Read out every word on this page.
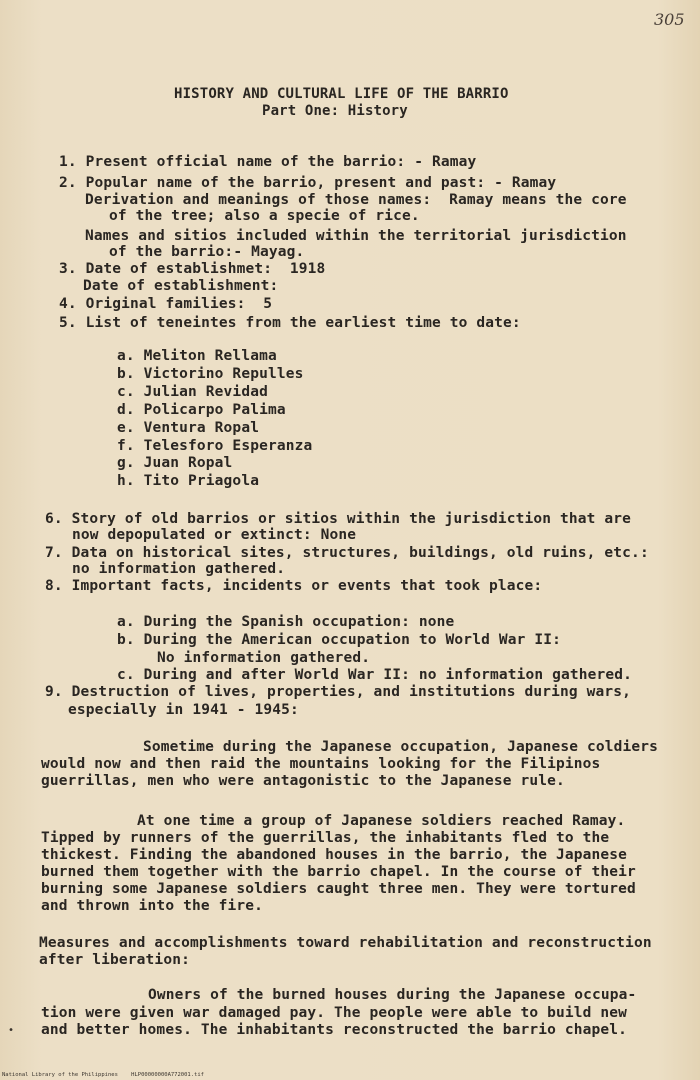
305
HISTORY AND CULTURAL LIFE OF THE BARRIO
Part One: History
1. Present official name of the barrio: - Ramay
2. Popular name of the barrio, present and past: - Ramay
Derivation and meanings of those names:  Ramay means the core
of the tree; also a specie of rice.
Names and sitios included within the territorial jurisdiction
of the barrio:- Mayag.
3. Date of establishmet:  1918
Date of establishment:
4. Original families:  5
5. List of teneintes from the earliest time to date:
a. Meliton Rellama
b. Victorino Repulles
c. Julian Revidad
d. Policarpo Palima
e. Ventura Ropal
f. Telesforo Esperanza
g. Juan Ropal
h. Tito Priagola
6. Story of old barrios or sitios within the jurisdiction that are
now depopulated or extinct: None
7. Data on historical sites, structures, buildings, old ruins, etc.:
no information gathered.
8. Important facts, incidents or events that took place:
a. During the Spanish occupation: none
b. During the American occupation to World War II:
No information gathered.
c. During and after World War II: no information gathered.
9. Destruction of lives, properties, and institutions during wars,
especially in 1941 - 1945:
Sometime during the Japanese occupation, Japanese coldiers
would now and then raid the mountains looking for the Filipinos
guerrillas, men who were antagonistic to the Japanese rule.
At one time a group of Japanese soldiers reached Ramay.
Tipped by runners of the guerrillas, the inhabitants fled to the
thickest. Finding the abandoned houses in the barrio, the Japanese
burned them together with the barrio chapel. In the course of their
burning some Japanese soldiers caught three men. They were tortured
and thrown into the fire.
Measures and accomplishments toward rehabilitation and reconstruction
after liberation:
Owners of the burned houses during the Japanese occupa-
tion were given war damaged pay. The people were able to build new
and better homes. The inhabitants reconstructed the barrio chapel.
•
National Library of the Philippines    HLP00000000A772001.tif
